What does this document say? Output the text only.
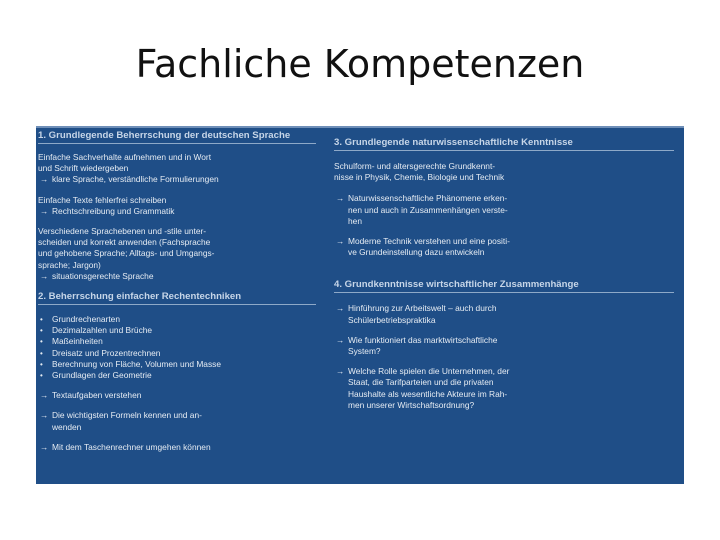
Fachliche Kompetenzen
1. Grundlegende Beherrschung der deutschen Sprache
Einfache Sachverhalte aufnehmen und in Wort
und Schrift wiedergeben
→ klare Sprache, verständliche Formulierungen
Einfache Texte fehlerfrei schreiben
→ Rechtschreibung und Grammatik
Verschiedene Sprachebenen und -stile unter-
scheiden und korrekt anwenden (Fachsprache
und gehobene Sprache; Alltags- und Umgangs-
sprache; Jargon)
→ situationsgerechte Sprache
2. Beherrschung einfacher Rechentechniken
• Grundrechenarten
• Dezimalzahlen und Brüche
• Maßeinheiten
• Dreisatz und Prozentrechnen
• Berechnung von Fläche, Volumen und Masse
• Grundlagen der Geometrie
→ Textaufgaben verstehen
→ Die wichtigsten Formeln kennen und an-
wenden
→ Mit dem Taschenrechner umgehen können
3. Grundlegende naturwissenschaftliche Kenntnisse
Schulform- und altersgerechte Grundkennt-
nisse in Physik, Chemie, Biologie und Technik
→ Naturwissenschaftliche Phänomene erken-
nen und auch in Zusammenhängen verste-
hen
→ Moderne Technik verstehen und eine positi-
ve Grundeinstellung dazu entwickeln
4. Grundkenntnisse wirtschaftlicher Zusammenhänge
→ Hinführung zur Arbeitswelt – auch durch
Schülerbetriebspraktika
→ Wie funktioniert das marktwirtschaftliche
System?
→ Welche Rolle spielen die Unternehmen, der
Staat, die Tarifparteien und die privaten
Haushalte als wesentliche Akteure im Rah-
men unserer Wirtschaftsordnung?
